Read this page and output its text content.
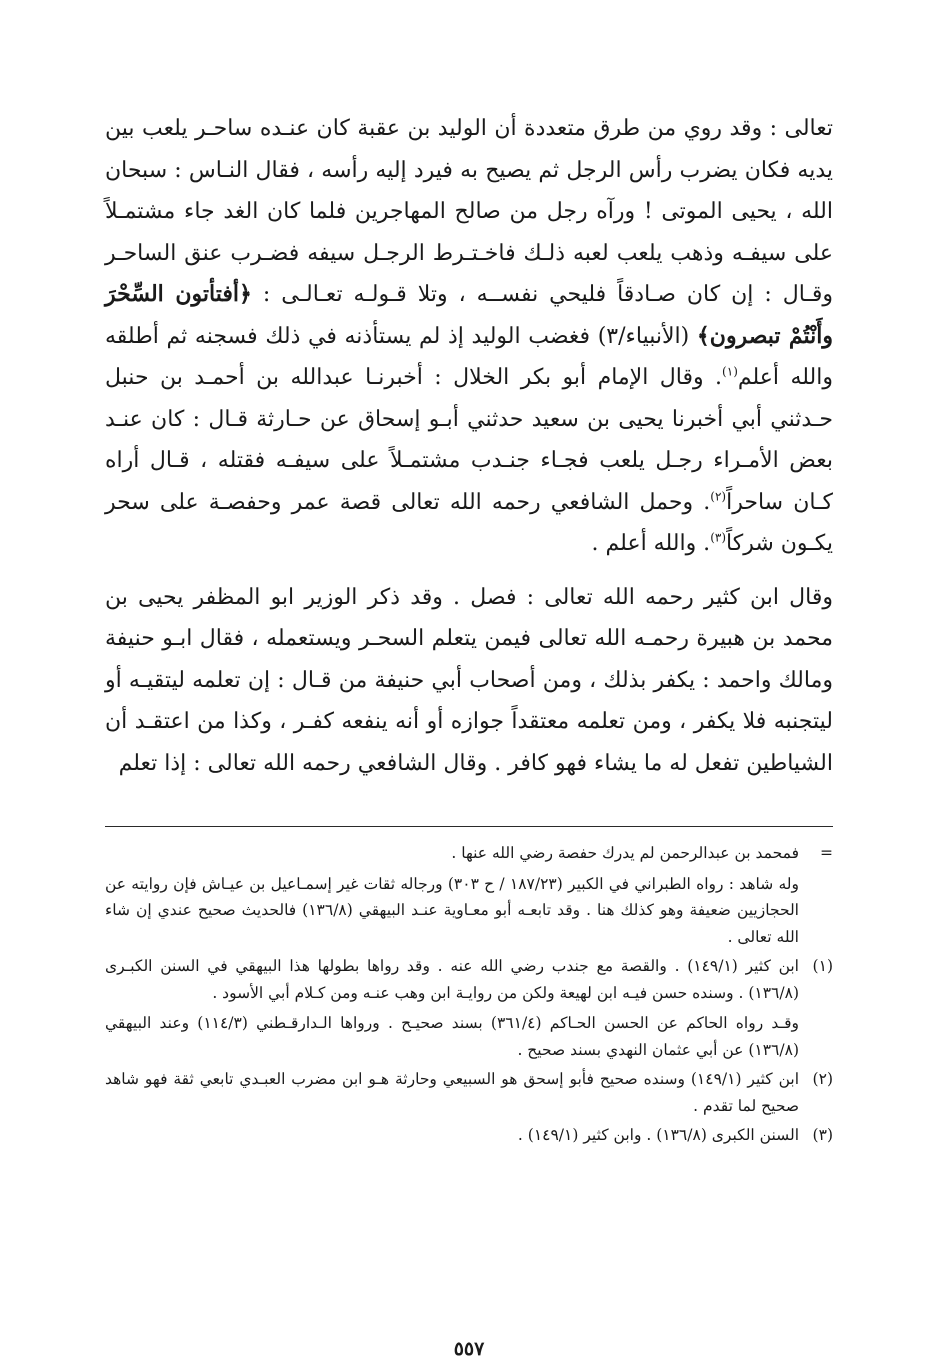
تعالى : وقد روي من طرق متعددة أن الوليد بن عقبة كان عنـده ساحـر يلعب بين يديه فكان يضرب رأس الرجل ثم يصيح به فيرد إليه رأسه ، فقال النـاس : سبحان الله ، يحيى الموتى ! ورآه رجل من صالح المهاجرين فلما كان الغد جاء مشتمـلاً على سيفـه وذهب يلعب لعبه ذلـك فاخـتـرط الرجـل سيفه فضـرب عنق الساحـر وقـال : إن كان صـادقاً فليحي نفســه ، وتلا قـولـه تعـالـى : ﴿أفتأتون السِّحْرَ وأَنْتُمْ تبصرون﴾ (الأنبياء/٣) فغضب الوليد إذ لم يستأذنه في ذلك فسجنه ثم أطلقه والله أعلم$^{(١)}$. وقال الإمام أبو بكر الخلال : أخبرنـا عبدالله بن أحمـد بن حنبل حـدثني أبي أخبرنا يحيى بن سعيد حدثني أبـو إسحاق عن حـارثة قـال : كان عنـد بعض الأمـراء رجـل يلعب فجـاء جنـدب مشتمـلاً على سيفـه فقتله ، قـال أراه كـان ساحراً$^{(٢)}$. وحمل الشافعي رحمه الله تعالى قصة عمر وحفصـة على سحر يكـون شركاً$^{(٣)}$. والله أعلم .

وقال ابن كثير رحمه الله تعالى : فصل . وقد ذكر الوزير ابو المظفر يحيى بن محمد بن هبيرة رحمـه الله تعالى فيمن يتعلم السحـر ويستعمله ، فقال ابـو حنيفة ومالك واحمد : يكفر بذلك ، ومن أصحاب أبي حنيفة من قـال : إن تعلمه ليتقيـه أو ليتجنبه فلا يكفر ، ومن تعلمه معتقداً جوازه أو أنه ينفعه كفـر ، وكذا من اعتقـد أن الشياطين تفعل له ما يشاء فهو كافر . وقال الشافعي رحمه الله تعالى : إذا تعلم

=

فمحمد بن عبدالرحمن لم يدرك حفصة رضي الله عنها .

وله شاهد : رواه الطبراني في الكبير (١٨٧/٢٣ / ح ٣٠٣) ورجاله ثقات غير إسمـاعيل بن عيـاش فإن روايته عن الحجازيين ضعيفة وهو كذلك هنا . وقد تابعـه أبو معـاوية عنـد البيهقي (١٣٦/٨) فالحديث صحيح عندي إن شاء الله تعالى .

(١)

ابن كثير (١٤٩/١) . والقصة مع جندب رضي الله عنه . وقد رواها بطولها هذا البيهقي في السنن الكبـرى (١٣٦/٨) . وسنده حسن فيـه ابن لهيعة ولكن من روايـة ابن وهب عنـه ومن كـلام أبي الأسود .

وقـد رواه الحاكم عن الحسن الحـاكم (٣٦١/٤) بسند صحيـح . ورواها الـدارقـطني (١١٤/٣) وعند البيهقي (١٣٦/٨) عن أبي عثمان النهدي بسند صحيح .

(٢)

ابن كثير (١٤٩/١) وسنده صحيح فأبو إسحق هو السبيعي وحارثة هـو ابن مضرب العبـدي تابعي ثقة فهو شاهد صحيح لما تقدم .

(٣)

السنن الكبرى (١٣٦/٨) . وابن كثير (١٤٩/١) .

٥٥٧
